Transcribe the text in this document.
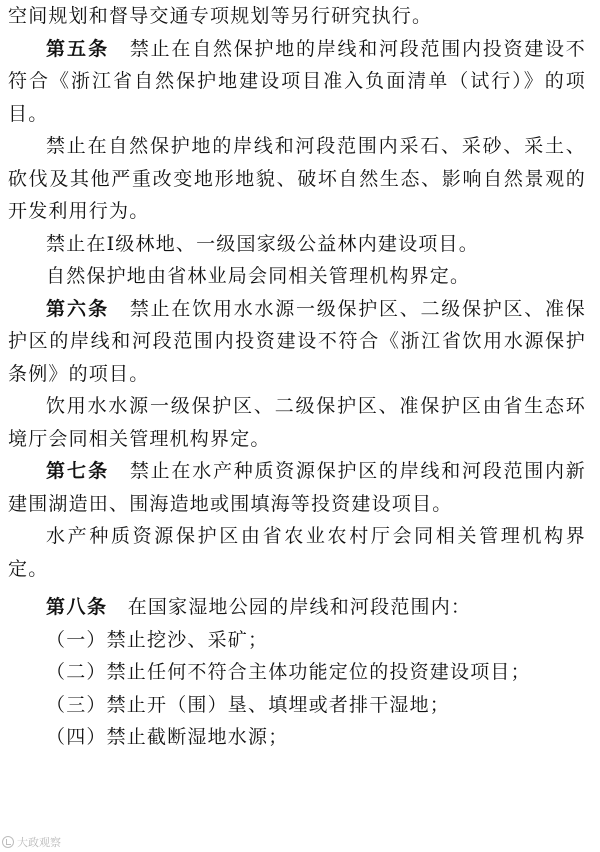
空间规划和督导交通专项规划等另行研究执行。

第五条　禁止在自然保护地的岸线和河段范围内投资建设不符合《浙江省自然保护地建设项目准入负面清单（试行）》的项目。

禁止在自然保护地的岸线和河段范围内采石、采砂、采土、砍伐及其他严重改变地形地貌、破坏自然生态、影响自然景观的开发利用行为。

禁止在Ⅰ级林地、一级国家级公益林内建设项目。

自然保护地由省林业局会同相关管理机构界定。

第六条　禁止在饮用水水源一级保护区、二级保护区、准保护区的岸线和河段范围内投资建设不符合《浙江省饮用水源保护条例》的项目。

饮用水水源一级保护区、二级保护区、准保护区由省生态环境厅会同相关管理机构界定。

第七条　禁止在水产种质资源保护区的岸线和河段范围内新建围湖造田、围海造地或围填海等投资建设项目。

水产种质资源保护区由省农业农村厅会同相关管理机构界定。

第八条　在国家湿地公园的岸线和河段范围内：

（一）禁止挖沙、采矿；

（二）禁止任何不符合主体功能定位的投资建设项目；

（三）禁止开（围）垦、填埋或者排干湿地；

（四）禁止截断湿地水源；

大政观察
